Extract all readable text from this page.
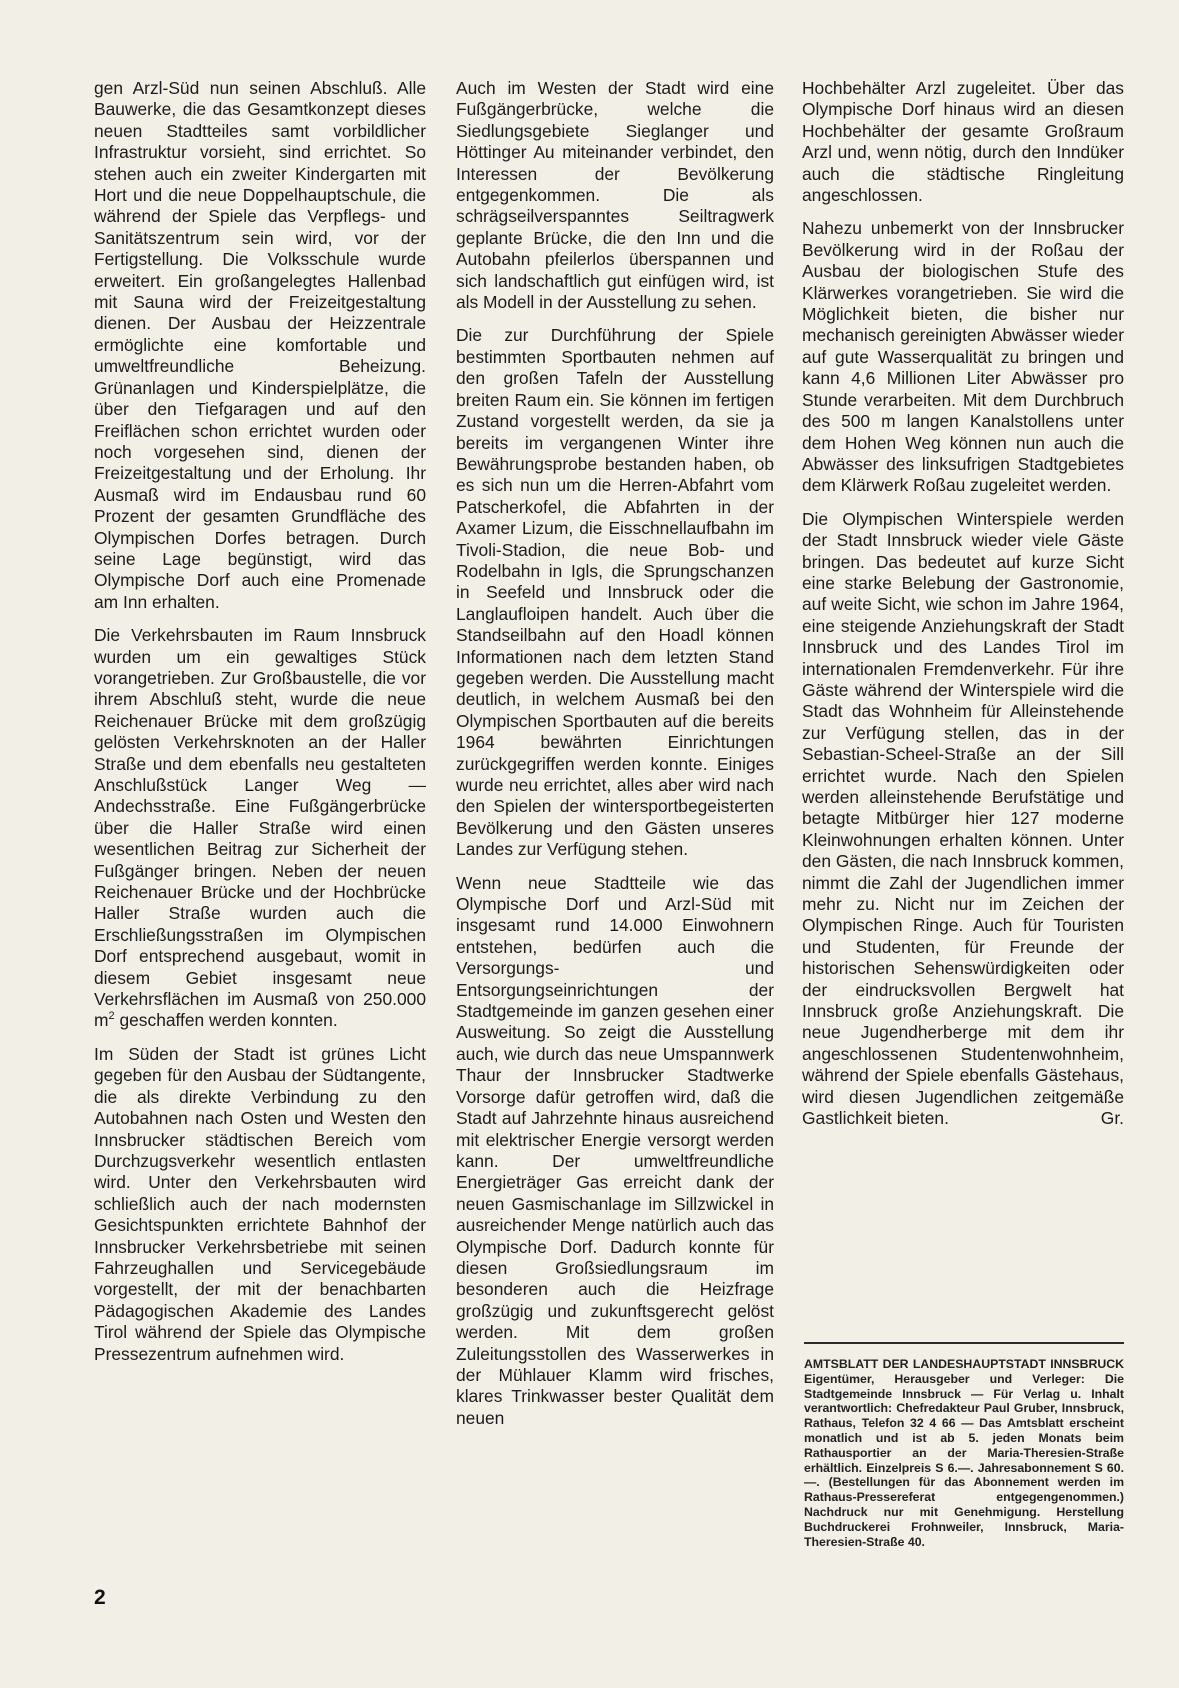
gen Arzl-Süd nun seinen Abschluß. Alle Bauwerke, die das Gesamtkonzept dieses neuen Stadtteiles samt vorbildlicher Infrastruktur vorsieht, sind errichtet. So stehen auch ein zweiter Kindergarten mit Hort und die neue Doppelhauptschule, die während der Spiele das Verpflegs- und Sanitätszentrum sein wird, vor der Fertigstellung. Die Volksschule wurde erweitert. Ein großangelegtes Hallenbad mit Sauna wird der Freizeitgestaltung dienen. Der Ausbau der Heizzentrale ermöglichte eine komfortable und umweltfreundliche Beheizung. Grünanlagen und Kinderspielplätze, die über den Tiefgaragen und auf den Freiflächen schon errichtet wurden oder noch vorgesehen sind, dienen der Freizeitgestaltung und der Erholung. Ihr Ausmaß wird im Endausbau rund 60 Prozent der gesamten Grundfläche des Olympischen Dorfes betragen. Durch seine Lage begünstigt, wird das Olympische Dorf auch eine Promenade am Inn erhalten.

Die Verkehrsbauten im Raum Innsbruck wurden um ein gewaltiges Stück vorangetrieben. Zur Großbaustelle, die vor ihrem Abschluß steht, wurde die neue Reichenauer Brücke mit dem großzügig gelösten Verkehrsknoten an der Haller Straße und dem ebenfalls neu gestalteten Anschlußstück Langer Weg — Andechsstraße. Eine Fußgängerbrücke über die Haller Straße wird einen wesentlichen Beitrag zur Sicherheit der Fußgänger bringen. Neben der neuen Reichenauer Brücke und der Hochbrücke Haller Straße wurden auch die Erschließungsstraßen im Olympischen Dorf entsprechend ausgebaut, womit in diesem Gebiet insgesamt neue Verkehrsflächen im Ausmaß von 250.000 $m^2$ geschaffen werden konnten.

Im Süden der Stadt ist grünes Licht gegeben für den Ausbau der Südtangente, die als direkte Verbindung zu den Autobahnen nach Osten und Westen den Innsbrucker städtischen Bereich vom Durchzugsverkehr wesentlich entlasten wird. Unter den Verkehrsbauten wird schließlich auch der nach modernsten Gesichtspunkten errichtete Bahnhof der Innsbrucker Verkehrsbetriebe mit seinen Fahrzeughallen und Servicegebäude vorgestellt, der mit der benachbarten Pädagogischen Akademie des Landes Tirol während der Spiele das Olympische Pressezentrum aufnehmen wird.

Auch im Westen der Stadt wird eine Fußgängerbrücke, welche die Siedlungsgebiete Sieglanger und Höttinger Au miteinander verbindet, den Interessen der Bevölkerung entgegenkommen. Die als schrägseilverspanntes Seiltragwerk geplante Brücke, die den Inn und die Autobahn pfeilerlos überspannen und sich landschaftlich gut einfügen wird, ist als Modell in der Ausstellung zu sehen.

Die zur Durchführung der Spiele bestimmten Sportbauten nehmen auf den großen Tafeln der Ausstellung breiten Raum ein. Sie können im fertigen Zustand vorgestellt werden, da sie ja bereits im vergangenen Winter ihre Bewährungsprobe bestanden haben, ob es sich nun um die Herren-Abfahrt vom Patscherkofel, die Abfahrten in der Axamer Lizum, die Eisschnellaufbahn im Tivoli-Stadion, die neue Bob- und Rodelbahn in Igls, die Sprungschanzen in Seefeld und Innsbruck oder die Langlaufloipen handelt. Auch über die Standseilbahn auf den Hoadl können Informationen nach dem letzten Stand gegeben werden. Die Ausstellung macht deutlich, in welchem Ausmaß bei den Olympischen Sportbauten auf die bereits 1964 bewährten Einrichtungen zurückgegriffen werden konnte. Einiges wurde neu errichtet, alles aber wird nach den Spielen der wintersportbegeisterten Bevölkerung und den Gästen unseres Landes zur Verfügung stehen.

Wenn neue Stadtteile wie das Olympische Dorf und Arzl-Süd mit insgesamt rund 14.000 Einwohnern entstehen, bedürfen auch die Versorgungs- und Entsorgungseinrichtungen der Stadtgemeinde im ganzen gesehen einer Ausweitung. So zeigt die Ausstellung auch, wie durch das neue Umspannwerk Thaur der Innsbrucker Stadtwerke Vorsorge dafür getroffen wird, daß die Stadt auf Jahrzehnte hinaus ausreichend mit elektrischer Energie versorgt werden kann. Der umweltfreundliche Energieträger Gas erreicht dank der neuen Gasmischanlage im Sillzwickel in ausreichender Menge natürlich auch das Olympische Dorf. Dadurch konnte für diesen Großsiedlungsraum im besonderen auch die Heizfrage großzügig und zukunftsgerecht gelöst werden. Mit dem großen Zuleitungsstollen des Wasserwerkes in der Mühlauer Klamm wird frisches, klares Trinkwasser bester Qualität dem neuen

Hochbehälter Arzl zugeleitet. Über das Olympische Dorf hinaus wird an diesen Hochbehälter der gesamte Großraum Arzl und, wenn nötig, durch den Inndüker auch die städtische Ringleitung angeschlossen.

Nahezu unbemerkt von der Innsbrucker Bevölkerung wird in der Roßau der Ausbau der biologischen Stufe des Klärwerkes vorangetrieben. Sie wird die Möglichkeit bieten, die bisher nur mechanisch gereinigten Abwässer wieder auf gute Wasserqualität zu bringen und kann 4,6 Millionen Liter Abwässer pro Stunde verarbeiten. Mit dem Durchbruch des 500 m langen Kanalstollens unter dem Hohen Weg können nun auch die Abwässer des linksufrigen Stadtgebietes dem Klärwerk Roßau zugeleitet werden.

Die Olympischen Winterspiele werden der Stadt Innsbruck wieder viele Gäste bringen. Das bedeutet auf kurze Sicht eine starke Belebung der Gastronomie, auf weite Sicht, wie schon im Jahre 1964, eine steigende Anziehungskraft der Stadt Innsbruck und des Landes Tirol im internationalen Fremdenverkehr. Für ihre Gäste während der Winterspiele wird die Stadt das Wohnheim für Alleinstehende zur Verfügung stellen, das in der Sebastian-Scheel-Straße an der Sill errichtet wurde. Nach den Spielen werden alleinstehende Berufstätige und betagte Mitbürger hier 127 moderne Kleinwohnungen erhalten können. Unter den Gästen, die nach Innsbruck kommen, nimmt die Zahl der Jugendlichen immer mehr zu. Nicht nur im Zeichen der Olympischen Ringe. Auch für Touristen und Studenten, für Freunde der historischen Sehenswürdigkeiten oder der eindrucksvollen Bergwelt hat Innsbruck große Anziehungskraft. Die neue Jugendherberge mit dem ihr angeschlossenen Studentenwohnheim, während der Spiele ebenfalls Gästehaus, wird diesen Jugendlichen zeitgemäße Gastlichkeit bieten.	Gr.

AMTSBLATT DER LANDESHAUPTSTADT INNSBRUCK Eigentümer, Herausgeber und Verleger: Die Stadtgemeinde Innsbruck — Für Verlag u. Inhalt verantwortlich: Chefredakteur Paul Gruber, Innsbruck, Rathaus, Telefon 32 4 66 — Das Amtsblatt erscheint monatlich und ist ab 5. jeden Monats beim Rathausportier an der Maria-Theresien-Straße erhältlich. Einzelpreis S 6.—. Jahresabonnement S 60.—. (Bestellungen für das Abonnement werden im Rathaus-Pressereferat entgegengenommen.) Nachdruck nur mit Genehmigung. Herstellung Buchdruckerei Frohnweiler, Innsbruck, Maria-Theresien-Straße 40.
2
